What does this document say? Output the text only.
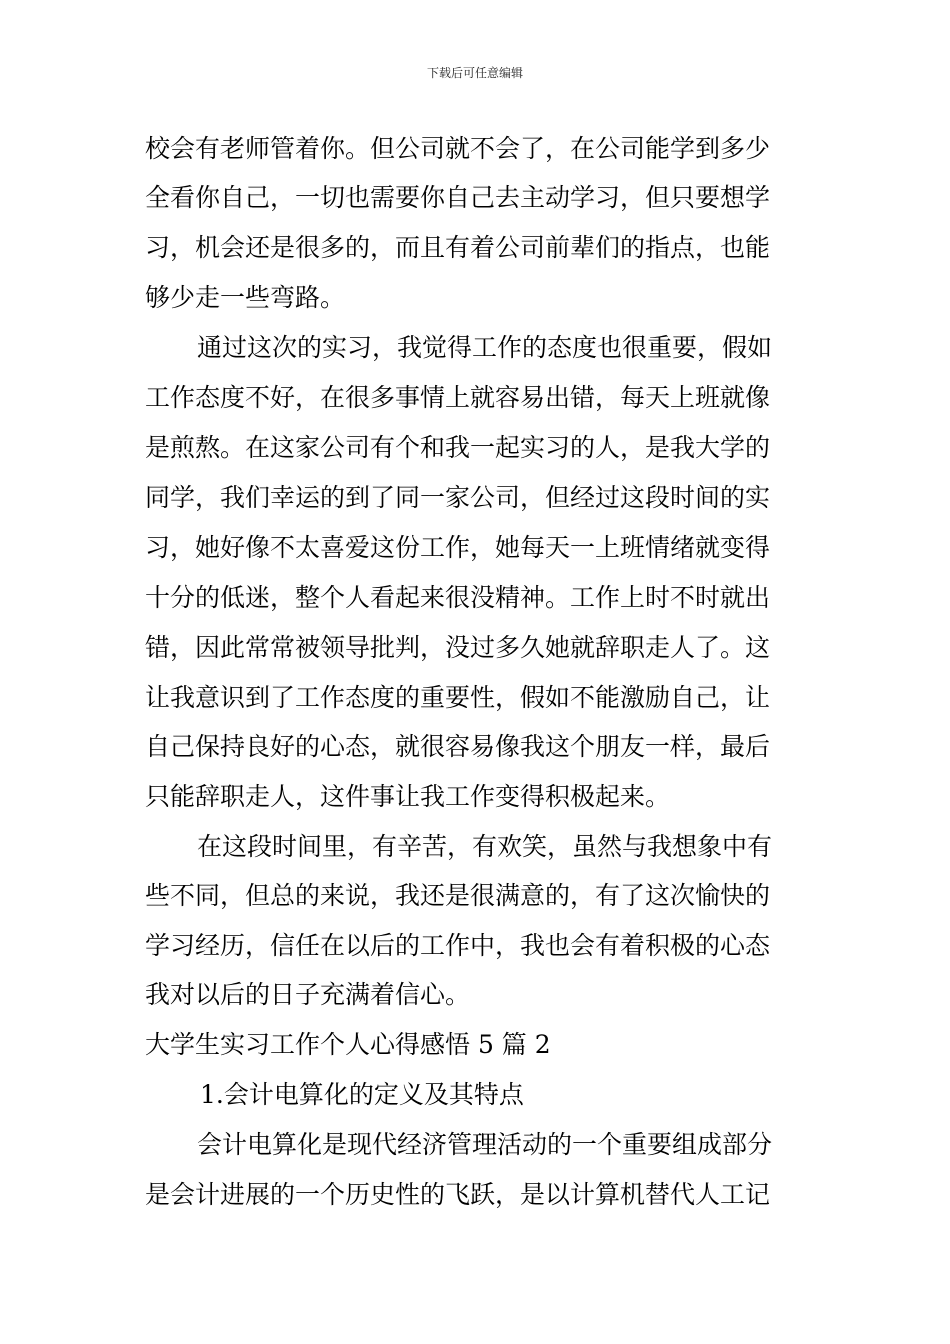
下载后可任意编辑
校会有老师管着你。但公司就不会了，在公司能学到多少
全看你自己，一切也需要你自己去主动学习，但只要想学
习，机会还是很多的，而且有着公司前辈们的指点，也能
够少走一些弯路。
通过这次的实习，我觉得工作的态度也很重要，假如
工作态度不好，在很多事情上就容易出错，每天上班就像
是煎熬。在这家公司有个和我一起实习的人，是我大学的
同学，我们幸运的到了同一家公司，但经过这段时间的实
习，她好像不太喜爱这份工作，她每天一上班情绪就变得
十分的低迷，整个人看起来很没精神。工作上时不时就出
错，因此常常被领导批判，没过多久她就辞职走人了。这
让我意识到了工作态度的重要性，假如不能激励自己，让
自己保持良好的心态，就很容易像我这个朋友一样，最后
只能辞职走人，这件事让我工作变得积极起来。
在这段时间里，有辛苦，有欢笑，虽然与我想象中有
些不同，但总的来说，我还是很满意的，有了这次愉快的
学习经历，信任在以后的工作中，我也会有着积极的心态
我对以后的日子充满着信心。
大学生实习工作个人心得感悟 5 篇 2
1.会计电算化的定义及其特点
会计电算化是现代经济管理活动的一个重要组成部分
是会计进展的一个历史性的飞跃，是以计算机替代人工记
